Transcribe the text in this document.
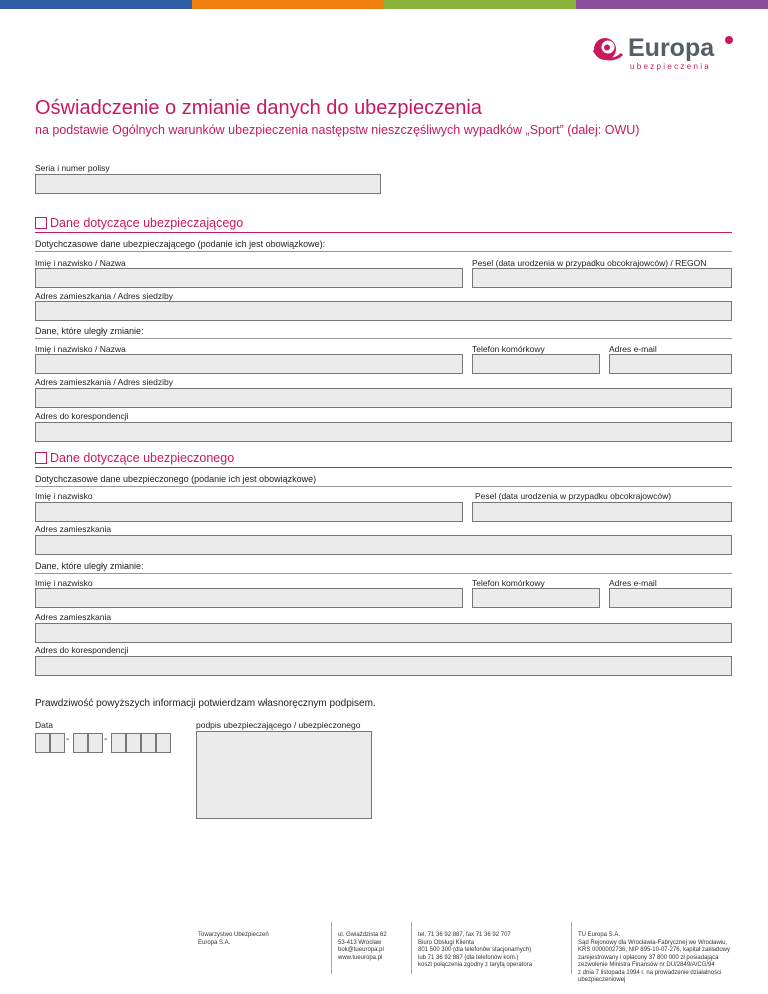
Europa
ubezpieczenia
Oświadczenie o zmianie danych do ubezpieczenia
na podstawie Ogólnych warunków ubezpieczenia następstw nieszczęśliwych wypadków „Sport” (dalej: OWU)
Seria i numer polisy
Dane dotyczące ubezpieczającego
Dotychczasowe dane ubezpieczającego (podanie ich jest obowiązkowe):
Imię i nazwisko / Nazwa	Pesel (data urodzenia w przypadku obcokrajowców) / REGON
Adres zamieszkania / Adres siedziby
Dane, które uległy zmianie:
Imię i nazwisko / Nazwa	Telefon komórkowy	Adres e-mail
Adres zamieszkania / Adres siedziby
Adres do korespondencji
Dane dotyczące ubezpieczonego
Dotychczasowe dane ubezpieczonego (podanie ich jest obowiązkowe)
Imię i nazwisko	Pesel (data urodzenia w przypadku obcokrajowców)
Adres zamieszkania
Dane, które uległy zmianie:
Imię i nazwisko	Telefon komórkowy	Adres e-mail
Adres zamieszkania
Adres do korespondencji
Prawdziwość powyższych informacji potwierdzam własnoręcznym podpisem.
Data	podpis ubezpieczającego / ubezpieczonego
-	-
Towarzystwo Ubezpieczeń
Europa S.A.
ul. Gwiaździsta 62
53-413 Wrocław
bok@tueuropa.pl
www.tueuropa.pl
tel. 71 36 92 887, fax 71 36 92 707
Biuro Obsługi Klienta
801 500 300 (dla telefonów stacjonarnych)
lub 71 36 92 887 (dla telefonów kom.)
koszt połączenia zgodny z taryfą operatora
TU Europa S.A.
Sąd Rejonowy dla Wrocławia-Fabrycznej we Wrocławiu,
KRS 0000002736, NIP 895-10-07-276, kapitał zakładowy
zarejestrowany i opłacony 37 800 000 zł posiadająca
zezwolenie Ministra Finansów nr DU/2849/A/CG/94
z dnia 7 listopada 1994 r. na prowadzenie działalności
ubezpieczeniowej
